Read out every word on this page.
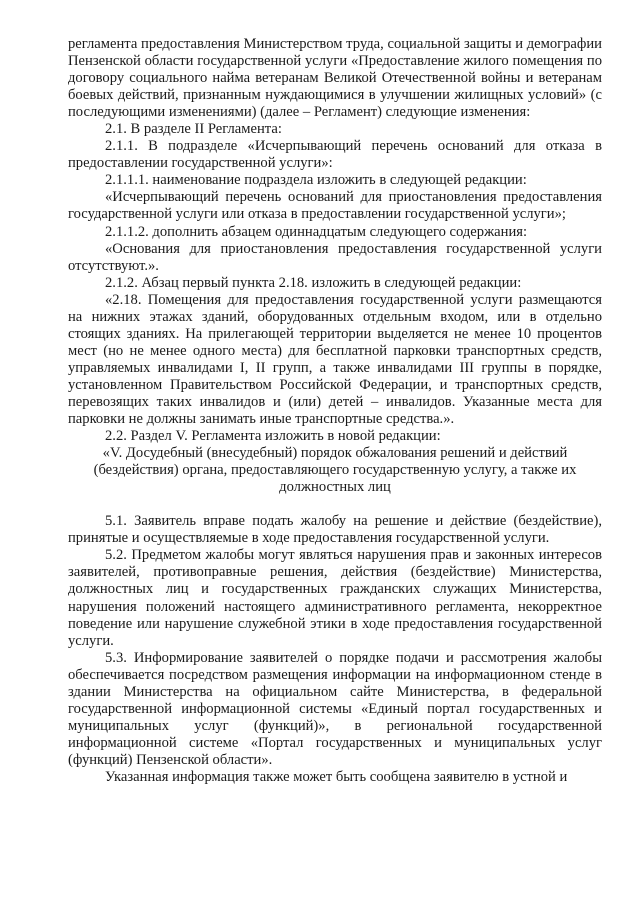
регламента предоставления Министерством труда, социальной защиты и демографии Пензенской области государственной услуги «Предоставление жилого помещения по договору социального найма ветеранам Великой Отечественной войны и ветеранам боевых действий, признанным нуждающимися в улучшении жилищных условий» (с последующими изменениями) (далее – Регламент) следующие изменения:

2.1. В разделе II Регламента:

2.1.1. В подразделе «Исчерпывающий перечень оснований для отказа в предоставлении государственной услуги»:

2.1.1.1. наименование подраздела изложить в следующей редакции:

«Исчерпывающий перечень оснований для приостановления предоставления государственной услуги или отказа в предоставлении государственной услуги»;

2.1.1.2. дополнить абзацем одиннадцатым следующего содержания:

«Основания для приостановления предоставления государственной услуги отсутствуют.».

2.1.2. Абзац первый пункта 2.18. изложить в следующей редакции:

«2.18. Помещения для предоставления государственной услуги размещаются на нижних этажах зданий, оборудованных отдельным входом, или в отдельно стоящих зданиях. На прилегающей территории выделяется не менее 10 процентов мест (но не менее одного места) для бесплатной парковки транспортных средств, управляемых инвалидами I, II групп, а также инвалидами III группы в порядке, установленном Правительством Российской Федерации, и транспортных средств, перевозящих таких инвалидов и (или) детей – инвалидов. Указанные места для парковки не должны занимать иные транспортные средства.».

2.2. Раздел V. Регламента изложить в новой редакции:

«V. Досудебный (внесудебный) порядок обжалования решений и действий (бездействия) органа, предоставляющего государственную услугу, а также их должностных лиц

5.1. Заявитель вправе подать жалобу на решение и действие (бездействие), принятые и осуществляемые в ходе предоставления государственной услуги.

5.2. Предметом жалобы могут являться нарушения прав и законных интересов заявителей, противоправные решения, действия (бездействие) Министерства, должностных лиц и государственных гражданских служащих Министерства, нарушения положений настоящего административного регламента, некорректное поведение или нарушение служебной этики в ходе предоставления государственной услуги.

5.3. Информирование заявителей о порядке подачи и рассмотрения жалобы обеспечивается посредством размещения информации на информационном стенде в здании Министерства на официальном сайте Министерства, в федеральной государственной информационной системы «Единый портал государственных и муниципальных услуг (функций)», в региональной государственной информационной системе «Портал государственных и муниципальных услуг (функций) Пензенской области».

Указанная информация также может быть сообщена заявителю в устной и
